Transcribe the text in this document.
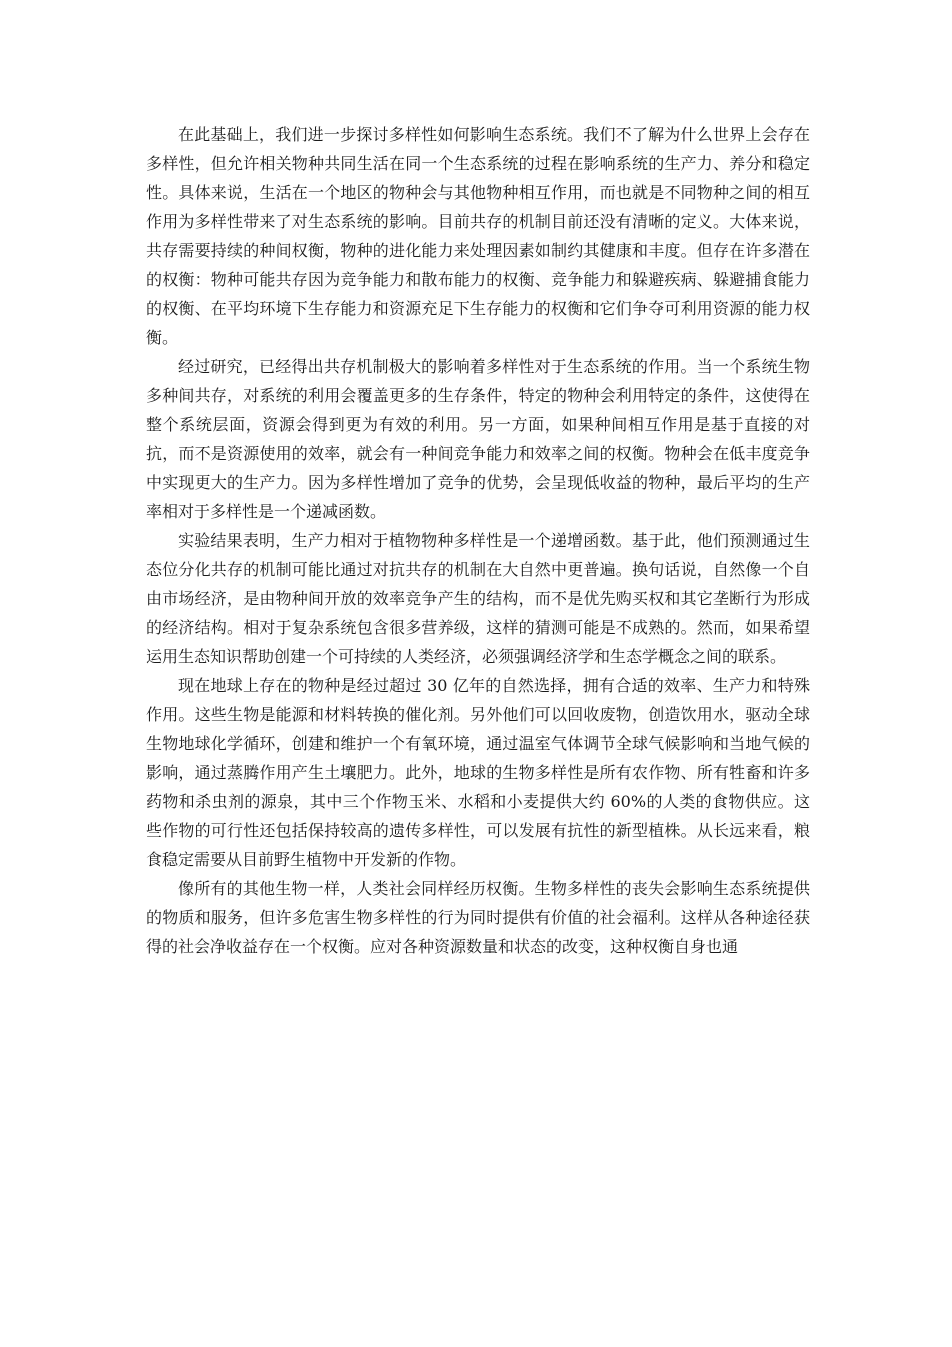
在此基础上，我们进一步探讨多样性如何影响生态系统。我们不了解为什么世界上会存在多样性，但允许相关物种共同生活在同一个生态系统的过程在影响系统的生产力、养分和稳定性。具体来说，生活在一个地区的物种会与其他物种相互作用，而也就是不同物种之间的相互作用为多样性带来了对生态系统的影响。目前共存的机制目前还没有清晰的定义。大体来说，共存需要持续的种间权衡，物种的进化能力来处理因素如制约其健康和丰度。但存在许多潜在的权衡：物种可能共存因为竞争能力和散布能力的权衡、竞争能力和躲避疾病、躲避捕食能力的权衡、在平均环境下生存能力和资源充足下生存能力的权衡和它们争夺可利用资源的能力权衡。

经过研究，已经得出共存机制极大的影响着多样性对于生态系统的作用。当一个系统生物多种间共存，对系统的利用会覆盖更多的生存条件，特定的物种会利用特定的条件，这使得在整个系统层面，资源会得到更为有效的利用。另一方面，如果种间相互作用是基于直接的对抗，而不是资源使用的效率，就会有一种间竞争能力和效率之间的权衡。物种会在低丰度竞争中实现更大的生产力。因为多样性增加了竞争的优势，会呈现低收益的物种，最后平均的生产率相对于多样性是一个递减函数。

实验结果表明，生产力相对于植物物种多样性是一个递增函数。基于此，他们预测通过生态位分化共存的机制可能比通过对抗共存的机制在大自然中更普遍。换句话说，自然像一个自由市场经济，是由物种间开放的效率竞争产生的结构，而不是优先购买权和其它垄断行为形成的经济结构。相对于复杂系统包含很多营养级，这样的猜测可能是不成熟的。然而，如果希望运用生态知识帮助创建一个可持续的人类经济，必须强调经济学和生态学概念之间的联系。

现在地球上存在的物种是经过超过 30 亿年的自然选择，拥有合适的效率、生产力和特殊作用。这些生物是能源和材料转换的催化剂。另外他们可以回收废物，创造饮用水，驱动全球生物地球化学循环，创建和维护一个有氧环境，通过温室气体调节全球气候影响和当地气候的影响，通过蒸腾作用产生土壤肥力。此外，地球的生物多样性是所有农作物、所有牲畜和许多药物和杀虫剂的源泉，其中三个作物玉米、水稻和小麦提供大约 60%的人类的食物供应。这些作物的可行性还包括保持较高的遗传多样性，可以发展有抗性的新型植株。从长远来看，粮食稳定需要从目前野生植物中开发新的作物。

像所有的其他生物一样，人类社会同样经历权衡。生物多样性的丧失会影响生态系统提供的物质和服务，但许多危害生物多样性的行为同时提供有价值的社会福利。这样从各种途径获得的社会净收益存在一个权衡。应对各种资源数量和状态的改变，这种权衡自身也通
